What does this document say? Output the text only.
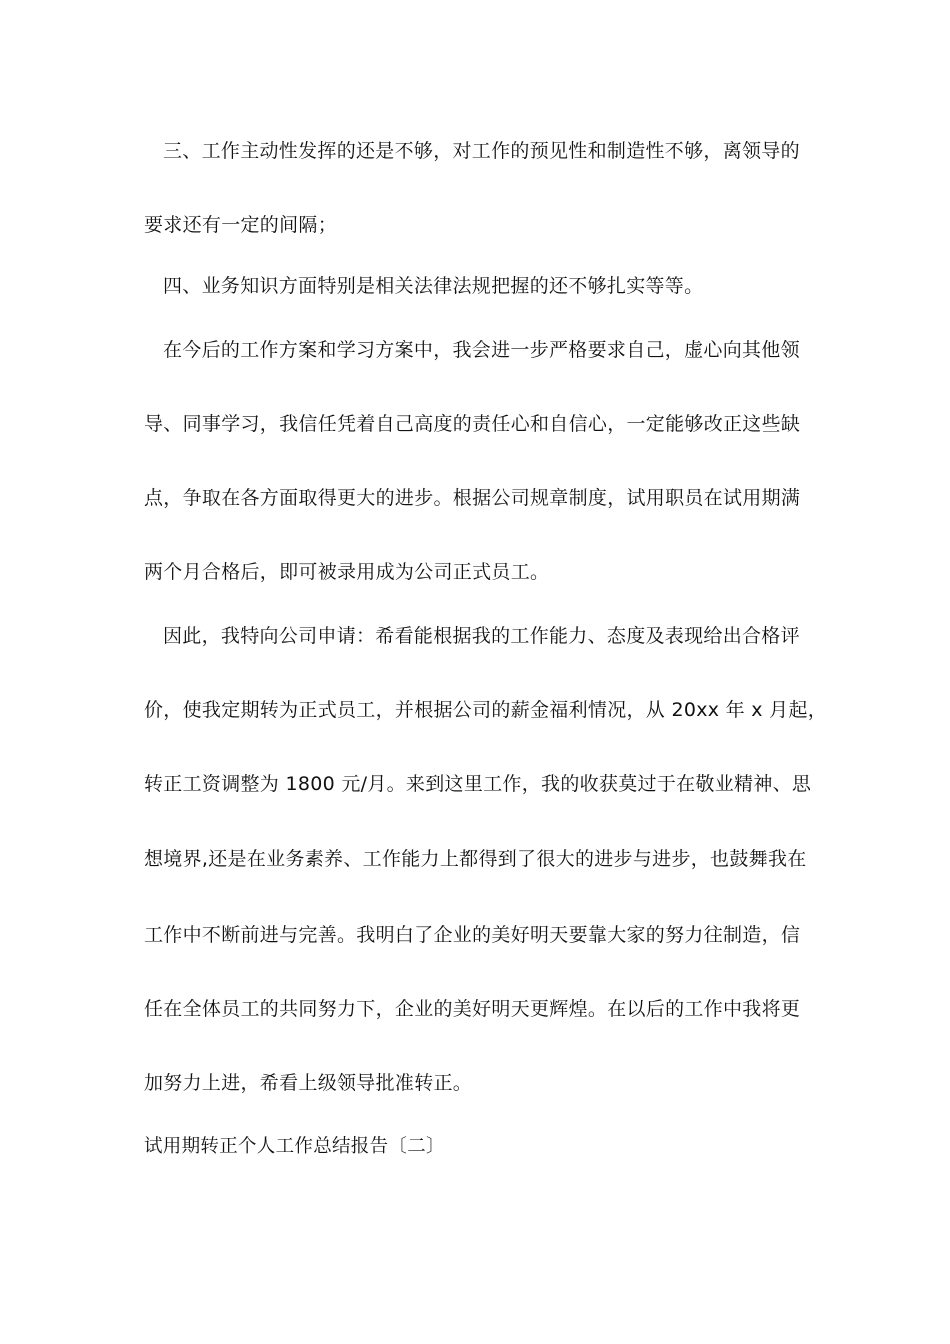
三、工作主动性发挥的还是不够，对工作的预见性和制造性不够，离领导的
要求还有一定的间隔；
四、业务知识方面特别是相关法律法规把握的还不够扎实等等。
在今后的工作方案和学习方案中，我会进一步严格要求自己，虚心向其他领
导、同事学习，我信任凭着自己高度的责任心和自信心，一定能够改正这些缺
点，争取在各方面取得更大的进步。根据公司规章制度，试用职员在试用期满
两个月合格后，即可被录用成为公司正式员工。
因此，我特向公司申请：希看能根据我的工作能力、态度及表现给出合格评
价，使我定期转为正式员工，并根据公司的薪金福利情况，从 20xx 年 x 月起，
转正工资调整为 1800 元/月。来到这里工作，我的收获莫过于在敬业精神、思
想境界,还是在业务素养、工作能力上都得到了很大的进步与进步，也鼓舞我在
工作中不断前进与完善。我明白了企业的美好明天要靠大家的努力往制造，信
任在全体员工的共同努力下，企业的美好明天更辉煌。在以后的工作中我将更
加努力上进，希看上级领导批准转正。
试用期转正个人工作总结报告〔二〕
